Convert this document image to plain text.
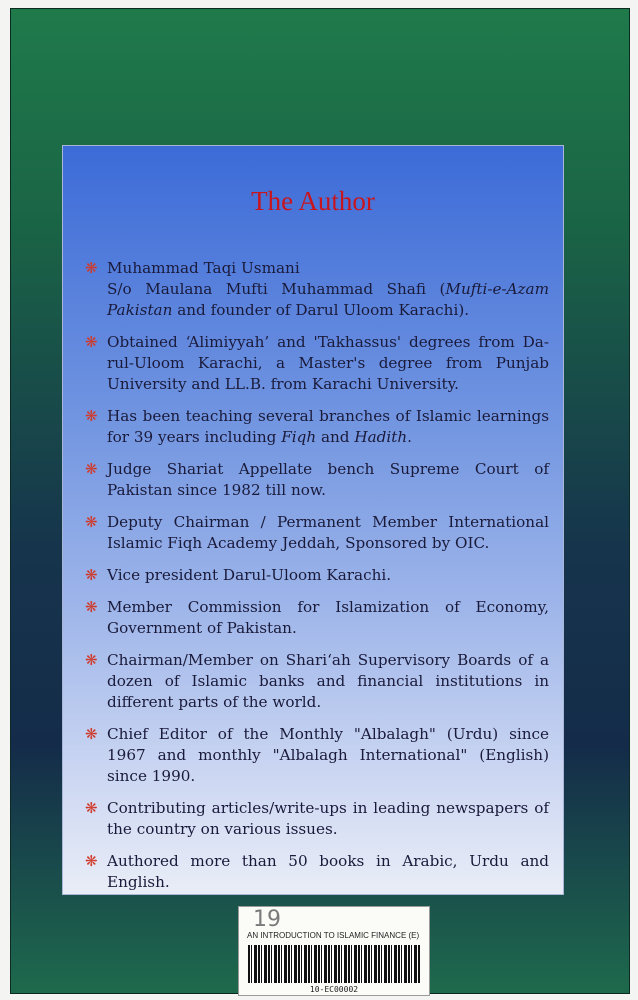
The Author
❋ Muhammad Taqi Usmani
S/o Maulana Mufti Muhammad Shafi (Mufti-e-Azam Pakistan and founder of Darul Uloom Karachi).
❋ Obtained ‘Alimiyyah’ and 'Takhassus' degrees from Da-rul-Uloom Karachi, a Master's degree from Punjab University and LL.B. from Karachi University.
❋ Has been teaching several branches of Islamic learnings for 39 years including Fiqh and Hadith.
❋ Judge Shariat Appellate bench Supreme Court of Pakistan since 1982 till now.
❋ Deputy Chairman / Permanent Member International Islamic Fiqh Academy Jeddah, Sponsored by OIC.
❋ Vice president Darul-Uloom Karachi.
❋ Member Commission for Islamization of Economy, Government of Pakistan.
❋ Chairman/Member on Shari‘ah Supervisory Boards of a dozen of Islamic banks and financial institutions in different parts of the world.
❋ Chief Editor of the Monthly "Albalagh" (Urdu) since 1967 and monthly "Albalagh International" (English) since 1990.
❋ Contributing articles/write-ups in leading newspapers of the country on various issues.
❋ Authored more than 50 books in Arabic, Urdu and English.
19
AN INTRODUCTION TO ISLAMIC FINANCE (E)
10-EC00002
